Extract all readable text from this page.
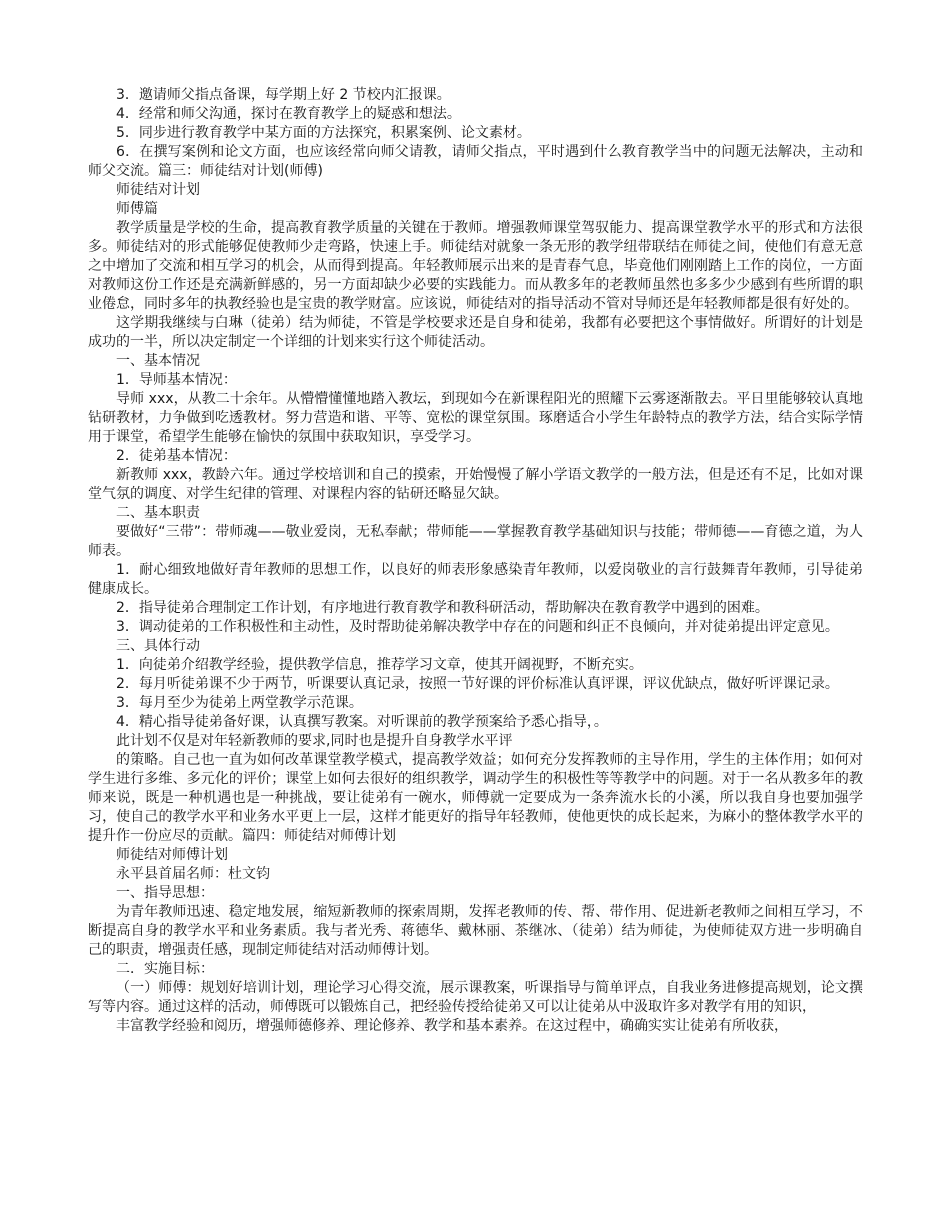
3．邀请师父指点备课，每学期上好 2 节校内汇报课。

4．经常和师父沟通，探讨在教育教学上的疑惑和想法。

5．同步进行教育教学中某方面的方法探究，积累案例、论文素材。

6．在撰写案例和论文方面，也应该经常向师父请教，请师父指点，平时遇到什么教育教学当中的问题无法解决，主动和师父交流。篇三：师徒结对计划(师傅)

师徒结对计划

师傅篇

教学质量是学校的生命，提高教育教学质量的关键在于教师。增强教师课堂驾驭能力、提高课堂教学水平的形式和方法很多。师徒结对的形式能够促使教师少走弯路，快速上手。师徒结对就象一条无形的教学纽带联结在师徒之间，使他们有意无意之中增加了交流和相互学习的机会，从而得到提高。年轻教师展示出来的是青春气息，毕竟他们刚刚踏上工作的岗位，一方面对教师这份工作还是充满新鲜感的，另一方面却缺少必要的实践能力。而从教多年的老教师虽然也多多少少感到有些所谓的职业倦怠，同时多年的执教经验也是宝贵的教学财富。应该说，师徒结对的指导活动不管对导师还是年轻教师都是很有好处的。

这学期我继续与白琳（徒弟）结为师徒，不管是学校要求还是自身和徒弟，我都有必要把这个事情做好。所谓好的计划是成功的一半，所以决定制定一个详细的计划来实行这个师徒活动。

一、基本情况

1．导师基本情况：

导师 xxx，从教二十余年。从懵懵懂懂地踏入教坛，到现如今在新课程阳光的照耀下云雾逐渐散去。平日里能够较认真地钻研教材，力争做到吃透教材。努力营造和谐、平等、宽松的课堂氛围。琢磨适合小学生年龄特点的教学方法，结合实际学情用于课堂，希望学生能够在愉快的氛围中获取知识，享受学习。

2．徒弟基本情况：

新教师 xxx，教龄六年。通过学校培训和自己的摸索，开始慢慢了解小学语文教学的一般方法，但是还有不足，比如对课堂气氛的调度、对学生纪律的管理、对课程内容的钻研还略显欠缺。

二、基本职责

要做好“三带”：带师魂——敬业爱岗，无私奉献；带师能——掌握教育教学基础知识与技能；带师德——育德之道，为人师表。

1．耐心细致地做好青年教师的思想工作，以良好的师表形象感染青年教师，以爱岗敬业的言行鼓舞青年教师，引导徒弟健康成长。

2．指导徒弟合理制定工作计划，有序地进行教育教学和教科研活动，帮助解决在教育教学中遇到的困难。

3．调动徒弟的工作积极性和主动性，及时帮助徒弟解决教学中存在的问题和纠正不良倾向，并对徒弟提出评定意见。

三、具体行动

1．向徒弟介绍教学经验，提供教学信息，推荐学习文章，使其开阔视野，不断充实。

2．每月听徒弟课不少于两节，听课要认真记录，按照一节好课的评价标准认真评课，评议优缺点，做好听评课记录。

3．每月至少为徒弟上两堂教学示范课。

4．精心指导徒弟备好课，认真撰写教案。对听课前的教学预案给予悉心指导，。

此计划不仅是对年轻新教师的要求,同时也是提升自身教学水平评

的策略。自己也一直为如何改革课堂教学模式，提高教学效益；如何充分发挥教师的主导作用，学生的主体作用；如何对学生进行多维、多元化的评价；课堂上如何去很好的组织教学，调动学生的积极性等等教学中的问题。对于一名从教多年的教师来说，既是一种机遇也是一种挑战，要让徒弟有一碗水，师傅就一定要成为一条奔流水长的小溪，所以我自身也要加强学习，使自己的教学水平和业务水平更上一层，这样才能更好的指导年轻教师，使他更快的成长起来，为麻小的整体教学水平的提升作一份应尽的贡献。篇四：师徒结对师傅计划

师徒结对师傅计划

永平县首届名师：杜文钧

一、指导思想：

为青年教师迅速、稳定地发展，缩短新教师的探索周期，发挥老教师的传、帮、带作用、促进新老教师之间相互学习，不断提高自身的教学水平和业务素质。我与者光秀、蒋德华、戴林丽、茶继冰、（徒弟）结为师徒，为使师徒双方进一步明确自己的职责，增强责任感，现制定师徒结对活动师傅计划。

二．实施目标：

（一）师傅：规划好培训计划，理论学习心得交流，展示课教案，听课指导与简单评点，自我业务进修提高规划，论文撰写等内容。通过这样的活动，师傅既可以锻炼自己，把经验传授给徒弟又可以让徒弟从中汲取许多对教学有用的知识，

丰富教学经验和阅历，增强师德修养、理论修养、教学和基本素养。在这过程中，确确实实让徒弟有所收获，
